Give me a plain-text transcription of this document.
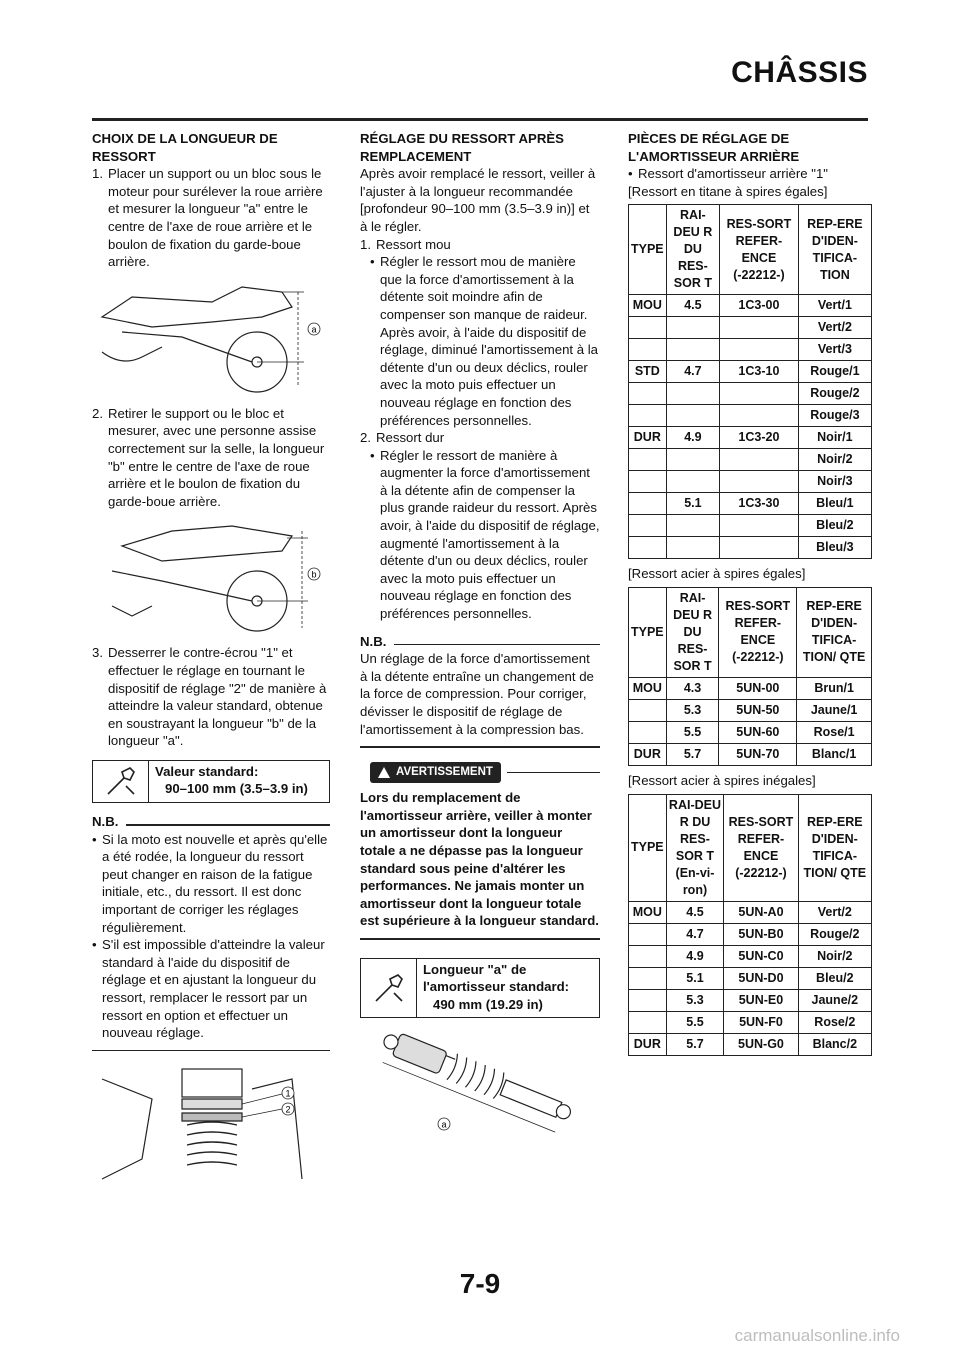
CHÂSSIS
CHOIX DE LA LONGUEUR DE RESSORT
1. Placer un support ou un bloc sous le moteur pour surélever la roue arrière et mesurer la longueur "a" entre le centre de l'axe de roue arrière et le boulon de fixation du garde-boue arrière.
a
2. Retirer le support ou le bloc et mesurer, avec une personne assise correctement sur la selle, la longueur "b" entre le centre de l'axe de roue arrière et le boulon de fixation du garde-boue arrière.
b
3. Desserrer le contre-écrou "1" et effectuer le réglage en tournant le dispositif de réglage "2" de manière à atteindre la valeur standard, obtenue en soustrayant la longueur "b" de la longueur "a".
Valeur standard:
90–100 mm (3.5–3.9 in)
N.B.
• Si la moto est nouvelle et après qu'elle a été rodée, la longueur du ressort peut changer en raison de la fatigue initiale, etc., du ressort. Il est donc important de corriger les réglages régulièrement.
• S'il est impossible d'atteindre la valeur standard à l'aide du dispositif de réglage et en ajustant la longueur du ressort, remplacer le ressort par un ressort en option et effectuer un nouveau réglage.
1
2
RÉGLAGE DU RESSORT APRÈS REMPLACEMENT

Après avoir remplacé le ressort, veiller à l'ajuster à la longueur recommandée [profondeur 90–100 mm (3.5–3.9 in)] et à le régler.

1. Ressort mou
• Régler le ressort mou de manière que la force d'amortissement à la détente soit moindre afin de compenser son manque de raideur. Après avoir, à l'aide du dispositif de réglage, diminué l'amortissement à la détente d'un ou deux déclics, rouler avec la moto puis effectuer un nouveau réglage en fonction des préférences personnelles.
2. Ressort dur
• Régler le ressort de manière à augmenter la force d'amortissement à la détente afin de compenser la plus grande raideur du ressort. Après avoir, à l'aide du dispositif de réglage, augmenté l'amortissement à la détente d'un ou deux déclics, rouler avec la moto puis effectuer un nouveau réglage en fonction des préférences personnelles.
N.B.

Un réglage de la force d'amortissement à la détente entraîne un changement de la force de compression. Pour corriger, dévisser le dispositif de réglage de l'amortissement à la compression bas.

AVERTISSEMENT

Lors du remplacement de l'amortisseur arrière, veiller à monter un amortisseur dont la longueur totale a ne dépasse pas la longueur standard sous peine d'altérer les performances. Ne jamais monter un amortisseur dont la longueur totale est supérieure à la longueur standard.

Longueur "a" de l'amortisseur standard:
490 mm (19.29 in)
a
PIÈCES DE RÉGLAGE DE L'AMORTISSEUR ARRIÈRE
• Ressort d'amortisseur arrière "1"
[Ressort en titane à spires égales]
TYPE	RAI-DEU R DU RES-SOR T	RES-SORT REFER-ENCE (-22212-)	REP-ERE D'IDEN-TIFICA-TION
MOU	4.5	1C3-00	Vert/1
			Vert/2
			Vert/3
STD	4.7	1C3-10	Rouge/1
			Rouge/2
			Rouge/3
DUR	4.9	1C3-20	Noir/1
			Noir/2
			Noir/3
	5.1	1C3-30	Bleu/1
			Bleu/2
			Bleu/3
[Ressort acier à spires égales]
TYPE	RAI-DEU R DU RES-SOR T	RES-SORT REFER-ENCE (-22212-)	REP-ERE D'IDEN-TIFICA-TION/ QTE
MOU	4.3	5UN-00	Brun/1
	5.3	5UN-50	Jaune/1
	5.5	5UN-60	Rose/1
DUR	5.7	5UN-70	Blanc/1
[Ressort acier à spires inégales]
TYPE	RAI-DEU R DU RES-SOR T (En-vi-ron)	RES-SORT REFER-ENCE (-22212-)	REP-ERE D'IDEN-TIFICA-TION/ QTE
MOU	4.5	5UN-A0	Vert/2
	4.7	5UN-B0	Rouge/2
	4.9	5UN-C0	Noir/2
	5.1	5UN-D0	Bleu/2
	5.3	5UN-E0	Jaune/2
	5.5	5UN-F0	Rose/2
DUR	5.7	5UN-G0	Blanc/2
7-9
carmanualsonline.info
